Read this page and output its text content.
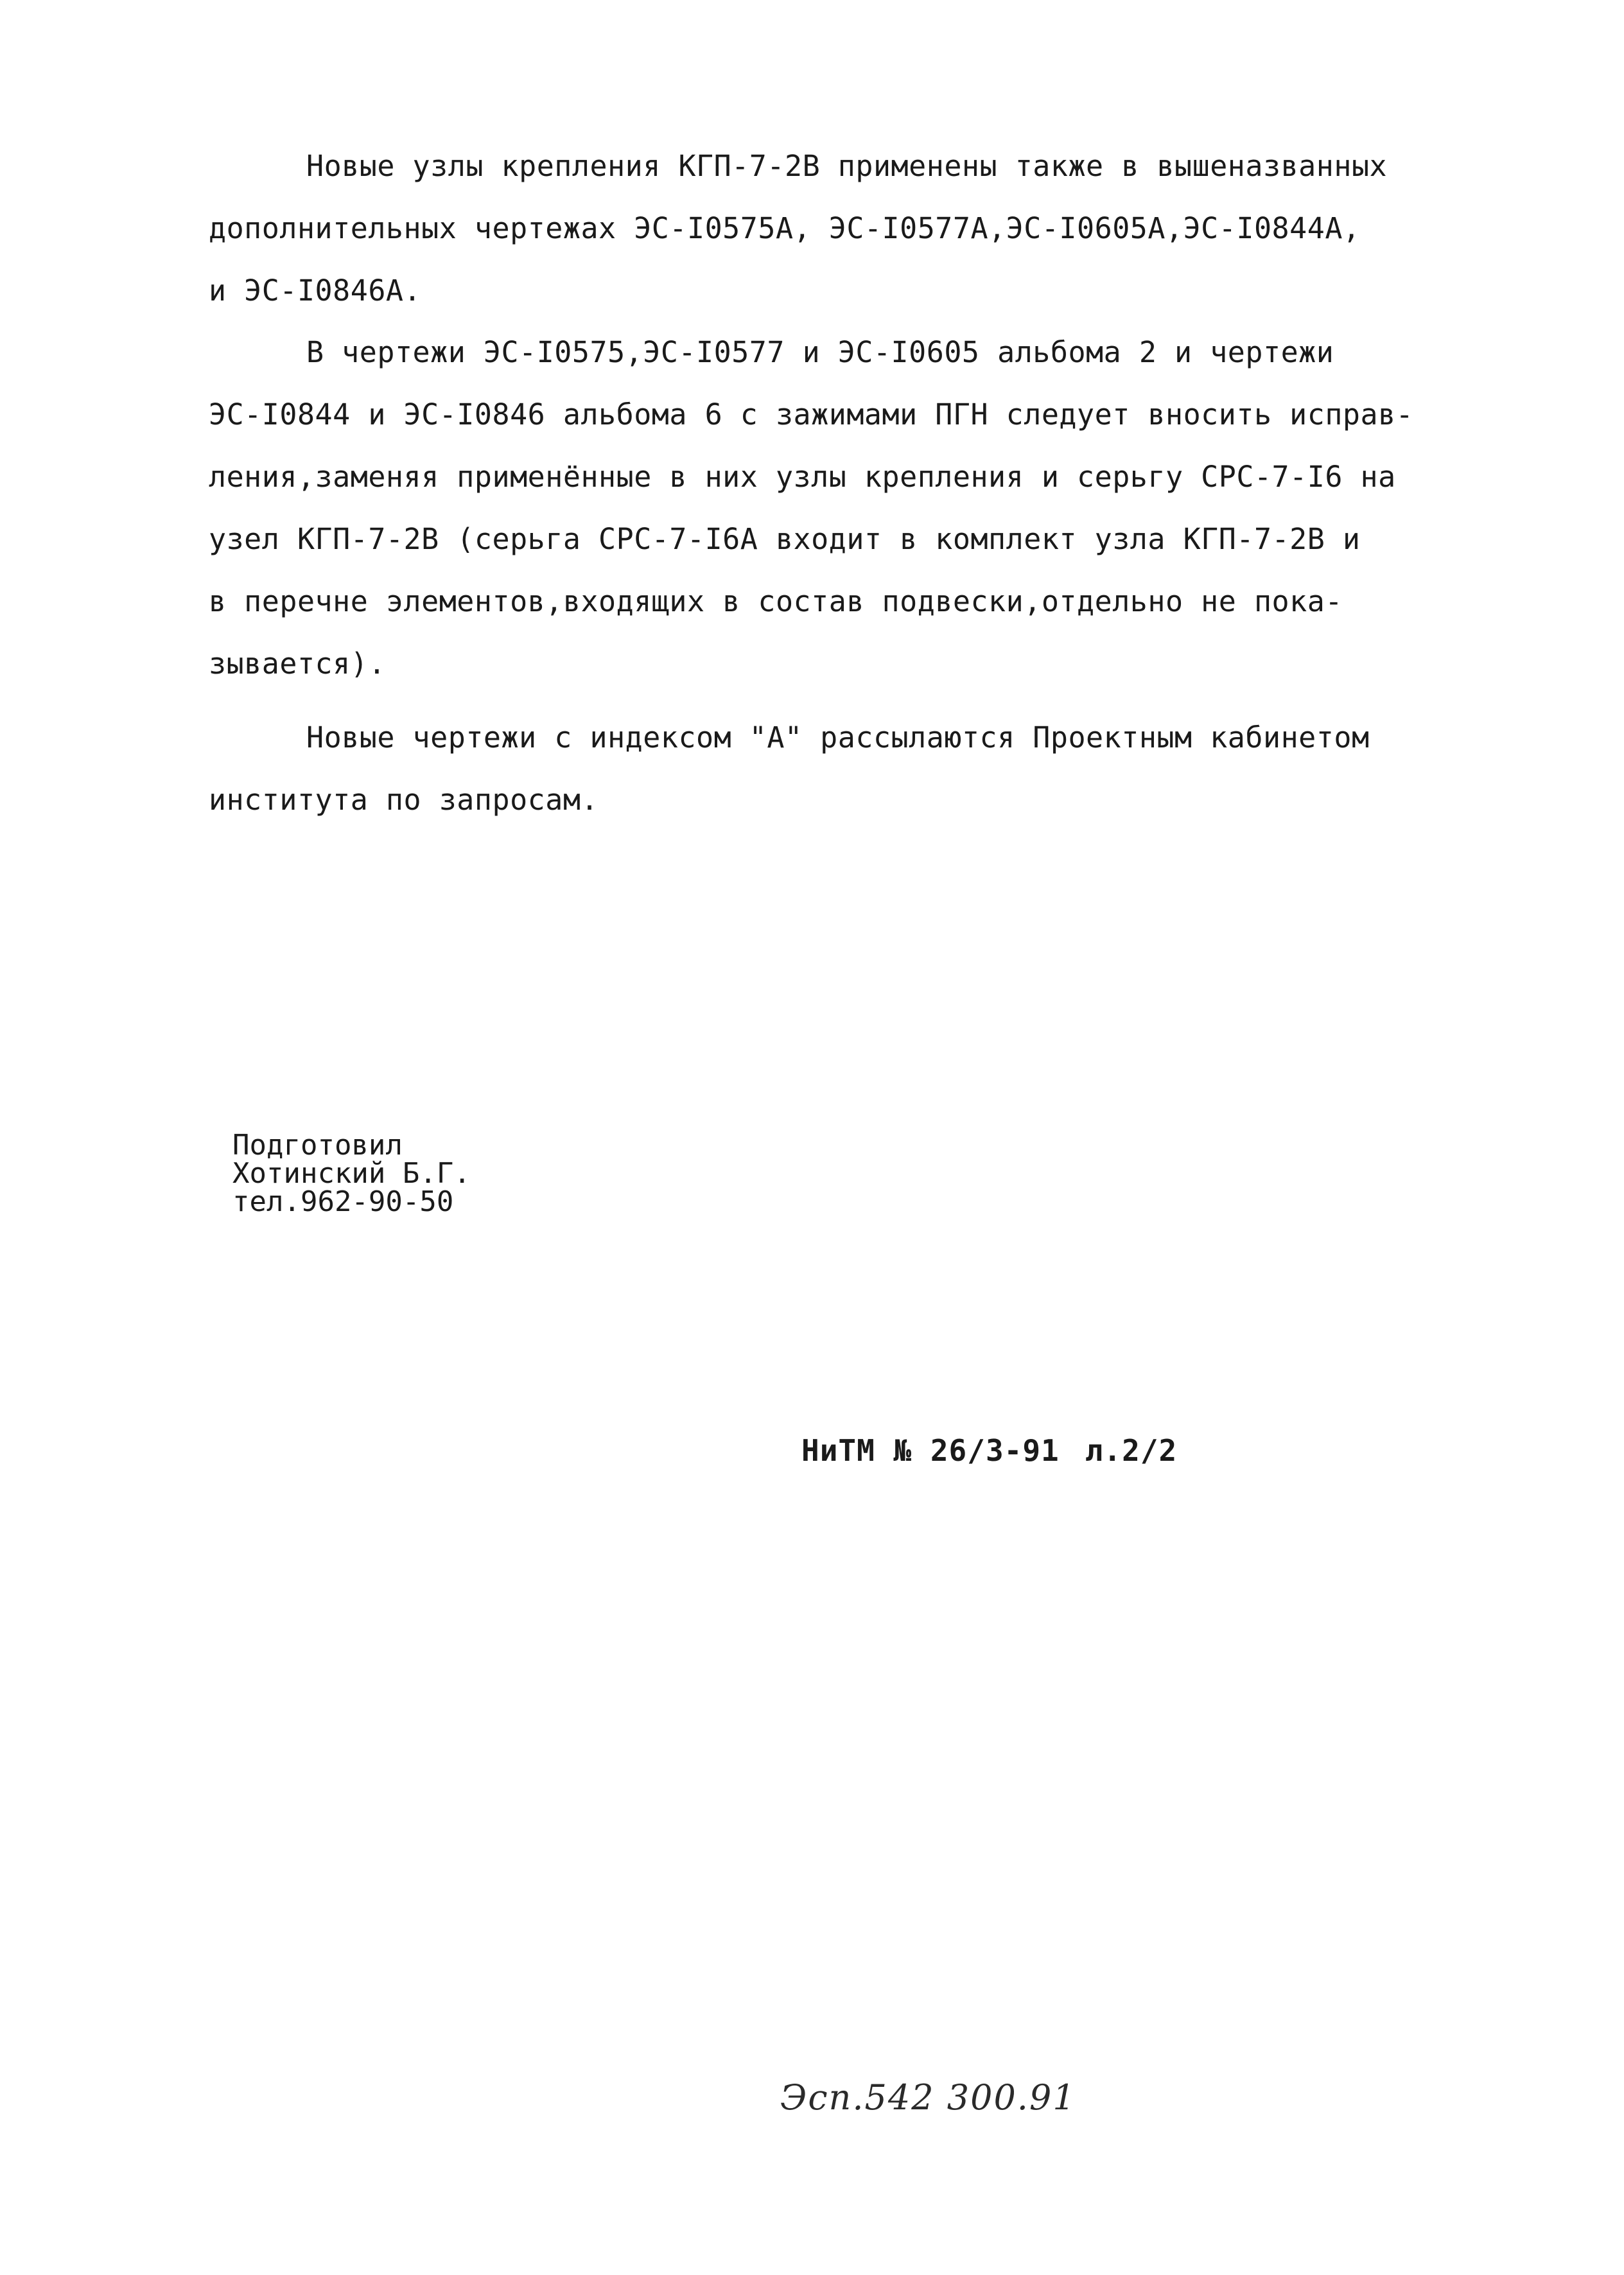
Новые узлы крепления КГП-7-2В применены также в вышеназванных
дополнительных чертежах ЭС-I0575А, ЭС-I0577А,ЭС-I0605А,ЭС-I0844А,
и ЭС-I0846А.

В чертежи ЭС-I0575,ЭС-I0577 и ЭС-I0605 альбома 2 и чертежи
ЭС-I0844 и ЭС-I0846 альбома 6 с зажимами ПГН следует вносить исправ-
ления,заменяя применённые в них узлы крепления и серьгу СРС-7-I6 на
узел КГП-7-2В (серьга СРС-7-I6А входит в комплект узла КГП-7-2В и
в перечне элементов,входящих в состав подвески,отдельно не пока-
зывается).

Новые чертежи с индексом "А" рассылаются Проектным кабинетом
института по запросам.

Подготовил
Хотинский Б.Г.
тел.962-90-50
НиТМ № 26/3-91 л.2/2
Эсп.542 300.91
